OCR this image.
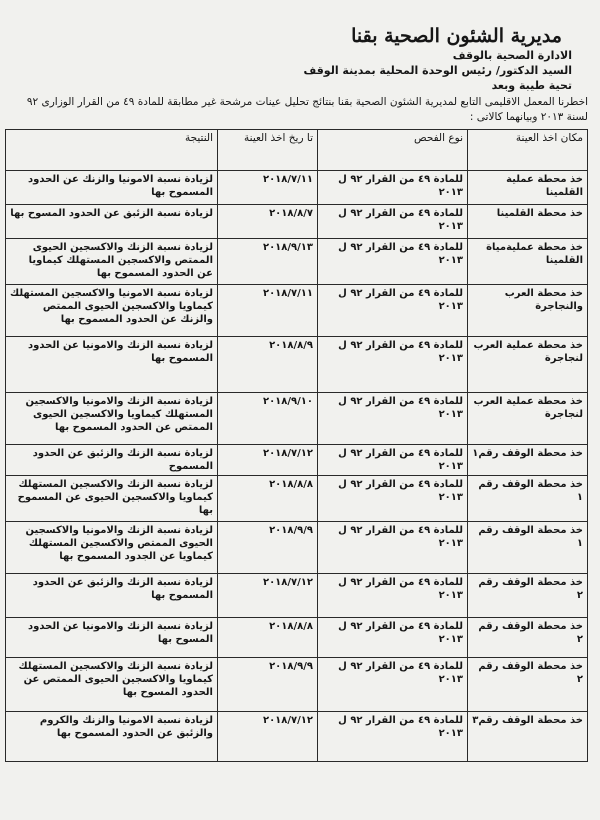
مديرية الشئون الصحية بقنا
الادارة الصحية بالوقف
السيد الدكتور/ رئيس الوحدة المحلية بمدينة الوقف
تحية طيبة وبعد
اخطرنا المعمل الاقليمى التابع لمديرية الشئون الصحية بقنا بنتائج تحليل عينات مرشحة غير مطابقة للمادة ٤٩ من القرار الوزارى ٩٢ لسنة ٢٠١٣ وبيانهما كالاتى :
مكان اخذ العينة	نوع الفحص	تا ريخ اخذ العينة	النتيجة
خذ محطة عملية القلمينا	للمادة ٤٩ من القرار ٩٢ ل ٢٠١٣	٢٠١٨/٧/١١	لزيادة نسبة الامونيا والزنك عن الحدود المسموح بها
خذ محطة القلمينا	للمادة ٤٩ من القرار ٩٢ ل ٢٠١٣	٢٠١٨/٨/٧	لزيادة نسبة الزئبق عن الحدود المسوح بها
خذ محطة عمليةمياة القلمينا	للمادة ٤٩ من القرار ٩٢ ل ٢٠١٣	٢٠١٨/٩/١٣	لزيادة نسبة الزنك والاكسجين الحيوى الممتص والاكسجين المستهلك كيماويا عن الحدود المسموح بها
خذ محطة العرب والنجاجرة	للمادة ٤٩ من القرار ٩٢ ل ٢٠١٣	٢٠١٨/٧/١١	لزيادة نسبة الامونيا والاكسجين المستهلك كيماويا والاكسجين الحيوى الممتص والزنك عن الحدود المسموح بها
خذ محطة عملية العرب لنجاجرة	للمادة ٤٩ من القرار ٩٢ ل ٢٠١٣	٢٠١٨/٨/٩	لزيادة نسبة الزنك والامونيا عن الحدود المسموح بها
خذ محطة عملية العرب لنجاجرة	للمادة ٤٩ من القرار ٩٢ ل ٢٠١٣	٢٠١٨/٩/١٠	لزيادة نسبة الزنك والامونيا والاكسجين المستهلك كيماويا والاكسجين الحيوى الممتص عن الحدود المسموح بها
خذ محطة الوقف رقم١	للمادة ٤٩ من القرار ٩٢ ل ٢٠١٣	٢٠١٨/٧/١٢	لزيادة نسبة الزنك والزئبق عن الحدود المسموح
خذ محطة الوقف رقم ١	للمادة ٤٩ من القرار ٩٢ ل ٢٠١٣	٢٠١٨/٨/٨	لزيادة نسبة الزنك والاكسجين المستهلك كيماويا والاكسجين الحيوى عن المسموح بها
خذ محطة الوقف رقم ١	للمادة ٤٩ من القرار ٩٢ ل ٢٠١٣	٢٠١٨/٩/٩	لزيادة نسبة الزنك والامونيا والاكسجين الحيوى الممتص والاكسجين المستهلك كيماويا عن الجدود المسموح بها
خذ محطة الوقف رقم ٢	للمادة ٤٩ من القرار ٩٢ ل ٢٠١٣	٢٠١٨/٧/١٢	لزيادة نسبة الزنك والزئبق عن الحدود المسموح بها
خذ محطة الوقف رقم ٢	للمادة ٤٩ من القرار ٩٢ ل ٢٠١٣	٢٠١٨/٨/٨	لزيادة نسبة الزنك والامونيا عن الحدود المسوح بها
خذ محطة الوقف رقم ٢	للمادة ٤٩ من القرار ٩٢ ل ٢٠١٣	٢٠١٨/٩/٩	لزيادة نسبة الزنك والاكسجين المستهلك كيماويا والاكسجين الحيوى الممتص عن الحدود المسوح بها
خذ محطة الوقف رقم٣	للمادة ٤٩ من القرار ٩٢ ل ٢٠١٣	٢٠١٨/٧/١٢	لزيادة نسبة الامونيا والزنك والكروم والزئبق عن الحدود المسموح بها
